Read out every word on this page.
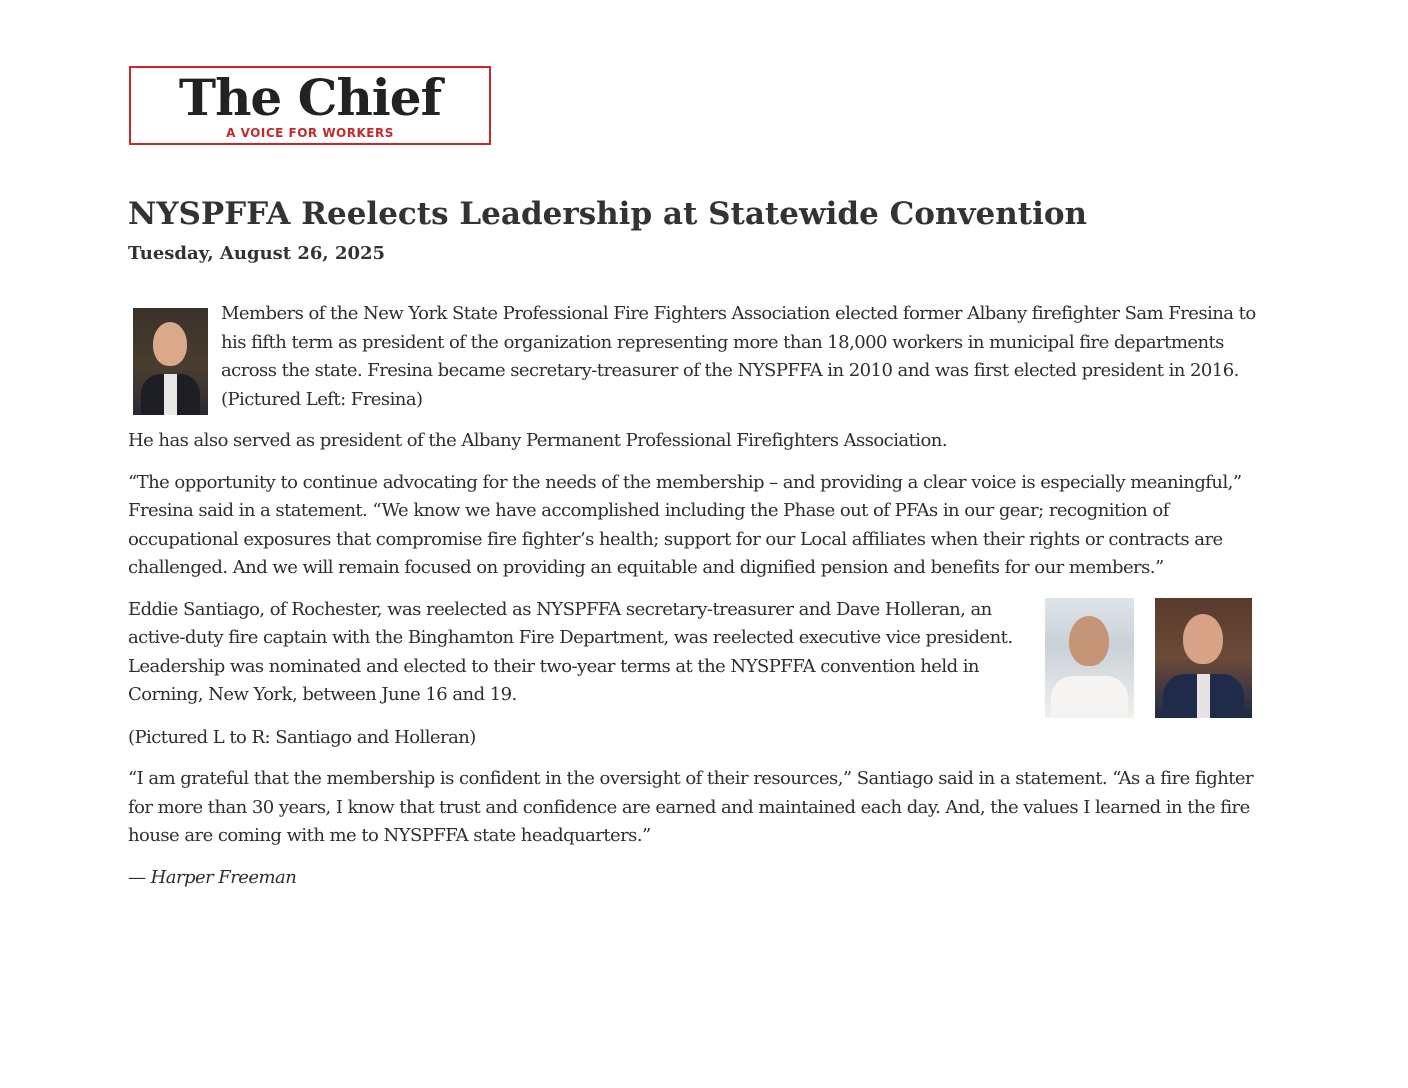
The Chief
A VOICE FOR WORKERS
NYSPFFA Reelects Leadership at Statewide Convention
Tuesday, August 26, 2025

Members of the New York State Professional Fire Fighters Association elected former Albany firefighter Sam Fresina to his fifth term as president of the organization representing more than 18,000 workers in municipal fire departments across the state. Fresina became secretary-treasurer of the NYSPFFA in 2010 and was first elected president in 2016. (Pictured Left: Fresina)

He has also served as president of the Albany Permanent Professional Firefighters Association.

“The opportunity to continue advocating for the needs of the membership – and providing a clear voice is especially meaningful,” Fresina said in a statement. “We know we have accomplished including the Phase out of PFAs in our gear; recognition of occupational exposures that compromise fire fighter’s health; support for our Local affiliates when their rights or contracts are challenged. And we will remain focused on providing an equitable and dignified pension and benefits for our members.”

Eddie Santiago, of Rochester, was reelected as NYSPFFA secretary-treasurer and Dave Holleran, an active-duty fire captain with the Binghamton Fire Department, was reelected executive vice president. Leadership was nominated and elected to their two-year terms at the NYSPFFA convention held in Corning, New York, between June 16 and 19.

(Pictured L to R: Santiago and Holleran)

“I am grateful that the membership is confident in the oversight of their resources,” Santiago said in a statement. “As a fire fighter for more than 30 years, I know that trust and confidence are earned and maintained each day. And, the values I learned in the fire house are coming with me to NYSPFFA state headquarters.”

— Harper Freeman
